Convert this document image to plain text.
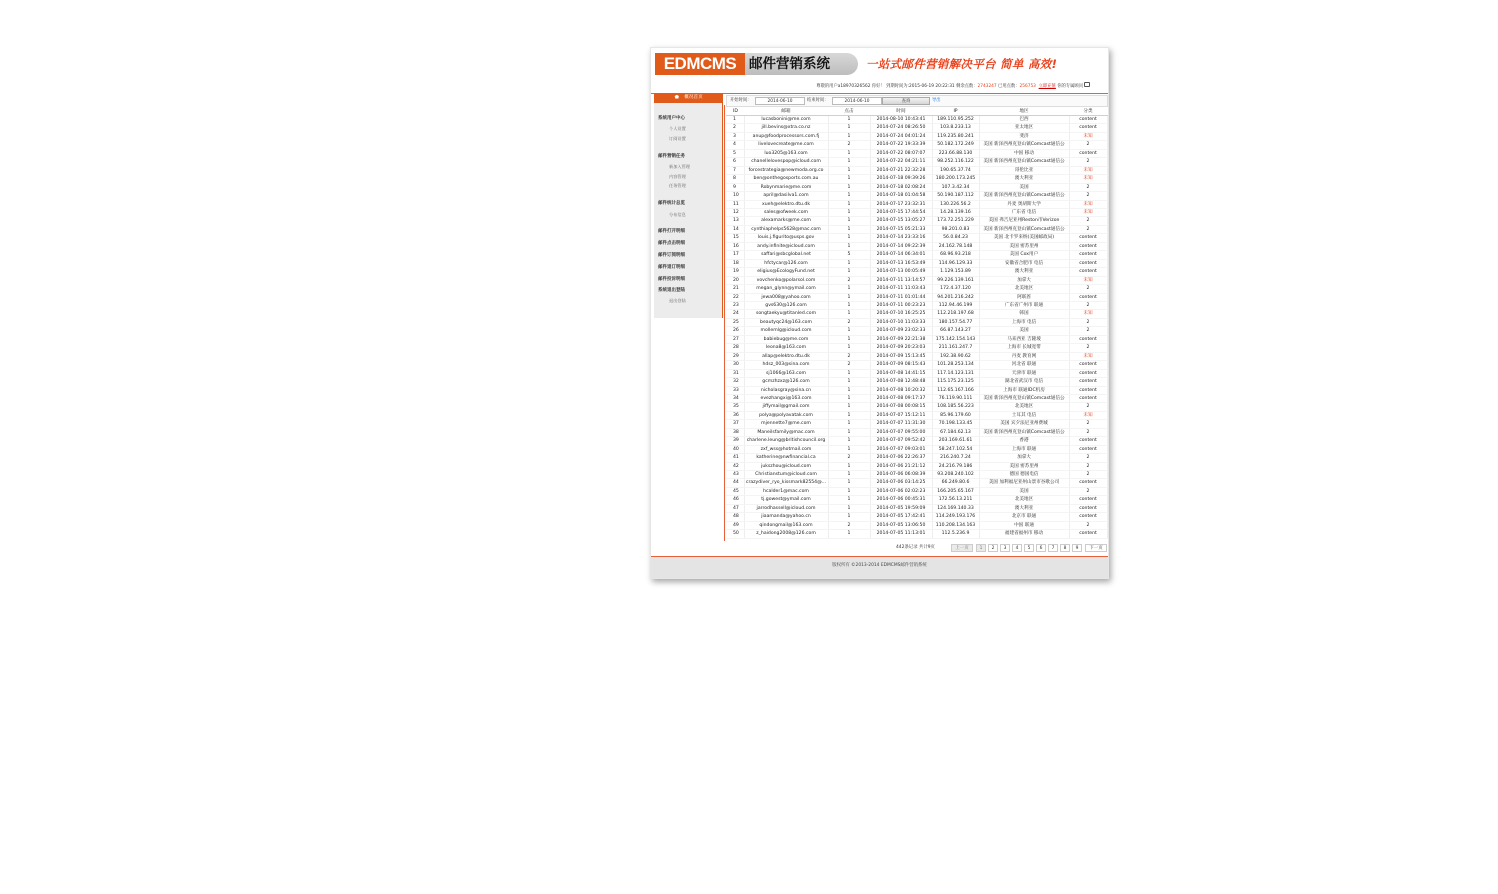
EDMCMS 邮件营销系统	一站式邮件营销解决平台 简单 高效!
尊敬的用户a18970326562 你好！ 到期时间为:2015-06-19 20:22:31 剩余点数：2743247 已用点数：256753 立即充值 你的专属顾问
概况首页
系统用户中心
个人设置
订阅设置
邮件营销任务
新加入管理
内容管理
任务管理
邮件统计总览
分布信息
邮件打开明细
邮件点击明细
邮件订阅明细
邮件退订明细
邮件投诉明细
系统退出登陆
退出登陆
开始时间：	2014-06-10	结束时间：	2014-06-10	查询	导出
ID	邮箱	点击	时间	IP	地区	分类
1	lucasbonini@me.com	1	2014-08-10 10:43:41	189.110.95.252	巴西	content
2	jill.bevins@xtra.co.nz	1	2014-07-24 08:26:50	103.8.233.13	亚太地区	content
3	anup@foodprocessors.com.fj	1	2014-07-24 04:01:24	119.235.80.241	斐济	未知
4	livelovecreate@me.com	2	2014-07-22 19:33:39	50.182.172.249	美国 新泽西州克登山镇Comcast通信公	2
5	luo3205@163.com	1	2014-07-22 08:07:07	223.66.88.130	中国 移动	content
6	chanellelovespop@icloud.com	1	2014-07-22 04:21:11	98.252.116.122	美国 新泽西州克登山镇Comcast通信公	2
7	forcestrategia@newmoda.org.co	1	2014-07-21 22:32:28	190.65.37.74	哥伦比亚	未知
8	ben@onthegosports.com.au	1	2014-07-18 09:39:26	180.200.173.245	澳大利亚	未知
9	Robynmarie@me.com	1	2014-07-18 02:08:24	107.3.42.34	美国	2
10	april@dasilva1.com	1	2014-07-18 01:04:58	50.190.187.112	美国 新泽西州克登山镇Comcast通信公	2
11	xueh@elektro.dtu.dk	1	2014-07-17 23:32:31	130.226.56.2	丹麦 奥胡斯大学	未知
12	sales@ofweek.com	1	2014-07-15 17:44:54	14.28.139.16	广东省 电信	未知
13	alexamarks@me.com	1	2014-07-15 13:05:27	173.72.251.229	美国 弗吉尼亚州Reston市Verizon	2
14	cynthiaphelps5628@mac.com	1	2014-07-15 05:21:33	98.201.0.83	美国 新泽西州克登山镇Comcast通信公	2
15	louis.j.figurito@usps.gov	1	2014-07-14 23:33:16	56.0.84.23	美国 北卡罗来纳(美国邮政局)	content
16	andy.infinite@icloud.com	1	2014-07-14 09:22:39	24.162.78.148	美国 密苏里州	content
17	saffari@sbcglobal.net	5	2014-07-14 06:34:01	68.96.93.218	美国 Cox用户	content
18	hfctycar@126.com	1	2014-07-13 16:53:49	114.96.129.33	安徽省合肥市 电信	content
19	eligius@EcologyFund.net	1	2014-07-13 00:05:49	1.129.153.89	澳大利亚	content
20	vovchenko@polarsol.com	2	2014-07-11 13:14:57	99.226.139.161	加拿大	未知
21	megan_glynn@ymail.com	1	2014-07-11 11:03:43	172.4.37.120	北美地区	2
22	jewa008@yahoo.com	1	2014-07-11 01:01:44	94.201.216.242	阿联酋	content
23	gvs630@126.com	1	2014-07-11 00:23:23	112.94.46.199	广东省广州市 联通	2
24	songtaekyu@titanled.com	1	2014-07-10 16:25:25	112.218.197.68	韩国	未知
25	beautyqc24@163.com	2	2014-07-10 11:03:33	180.157.54.77	上海市 电信	2
26	mollemlg@icloud.com	1	2014-07-09 23:02:33	66.87.143.27	美国	2
27	babiebug@me.com	1	2014-07-09 22:21:38	175.142.154.143	马来西亚 吉隆坡	content
28	leona8@163.com	1	2014-07-09 20:23:03	211.161.247.7	上海市 长城宽带	2
29	allap@elektro.dtu.dk	2	2014-07-09 15:13:45	192.38.90.62	丹麦 教育网	未知
30	hdsz_003@sina.com	2	2014-07-09 08:15:43	101.28.253.134	河北省 联通	content
31	sj1066@163.com	1	2014-07-08 14:41:15	117.14.123.131	天津市 联通	content
32	gcmzhzxz@126.com	1	2014-07-08 12:48:48	115.175.23.125	湖北省武汉市 电信	content
33	nicholasgray@sina.cn	1	2014-07-08 10:20:32	112.65.167.166	上海市 联通IDC机房	content
34	evezhangxi@163.com	1	2014-07-08 09:17:37	76.119.90.111	美国 新泽西州克登山镇Comcast通信公	content
35	jiffymail@gmail.com	1	2014-07-08 00:08:15	108.185.56.223	北美地区	2
36	polya@polyavatak.com	1	2014-07-07 15:12:11	85.96.179.60	土耳其 电信	未知
37	mjennette7@me.com	1	2014-07-07 11:31:30	70.198.133.45	美国 宾夕法尼亚州费城	2
38	Maneilsfamily@mac.com	1	2014-07-07 09:55:00	67.184.62.13	美国 新泽西州克登山镇Comcast通信公	2
39	charlene.leung@britishcouncil.org	1	2014-07-07 09:52:42	203.169.61.61	香港	content
40	zxf_wss@hotmail.com	1	2014-07-07 09:03:01	58.247.102.54	上海市 联通	content
41	katherine@nwfinancial.ca	2	2014-07-06 22:26:37	216.240.7.24	加拿大	2
42	jukszhou@icloud.com	1	2014-07-06 21:21:12	24.216.79.186	美国 密苏里州	2
43	Christianstum@icloud.com	1	2014-07-06 06:08:39	93.208.240.102	德国 德国电信	2
44	crazydiver_ryo_kissmark82554@...	1	2014-07-06 03:14:25	66.249.80.6	美国 加利福尼亚州山景市谷歌公司	content
45	hcalder1@mac.com	1	2014-07-06 02:02:23	166.205.65.167	美国	2
46	tj.gowest@ymail.com	1	2014-07-06 00:45:31	172.56.13.211	北美地区	content
47	jarrodhassell@icloud.com	1	2014-07-05 19:59:09	124.169.140.33	澳大利亚	content
48	jiaamanda@yahoo.cn	1	2014-07-05 17:42:41	114.249.193.176	北京市 联通	content
49	qindongmail@163.com	2	2014-07-05 13:06:50	110.208.134.163	中国 联通	2
50	z_haidong2008@126.com	1	2014-07-05 11:13:01	112.5.236.9	福建省福州市 移动	content
442条记录 共计9页	上一页	1	2	3	4	5	6	7	8	9	下一页
版权所有 ©2013-2014 EDMCMS邮件营销系统
